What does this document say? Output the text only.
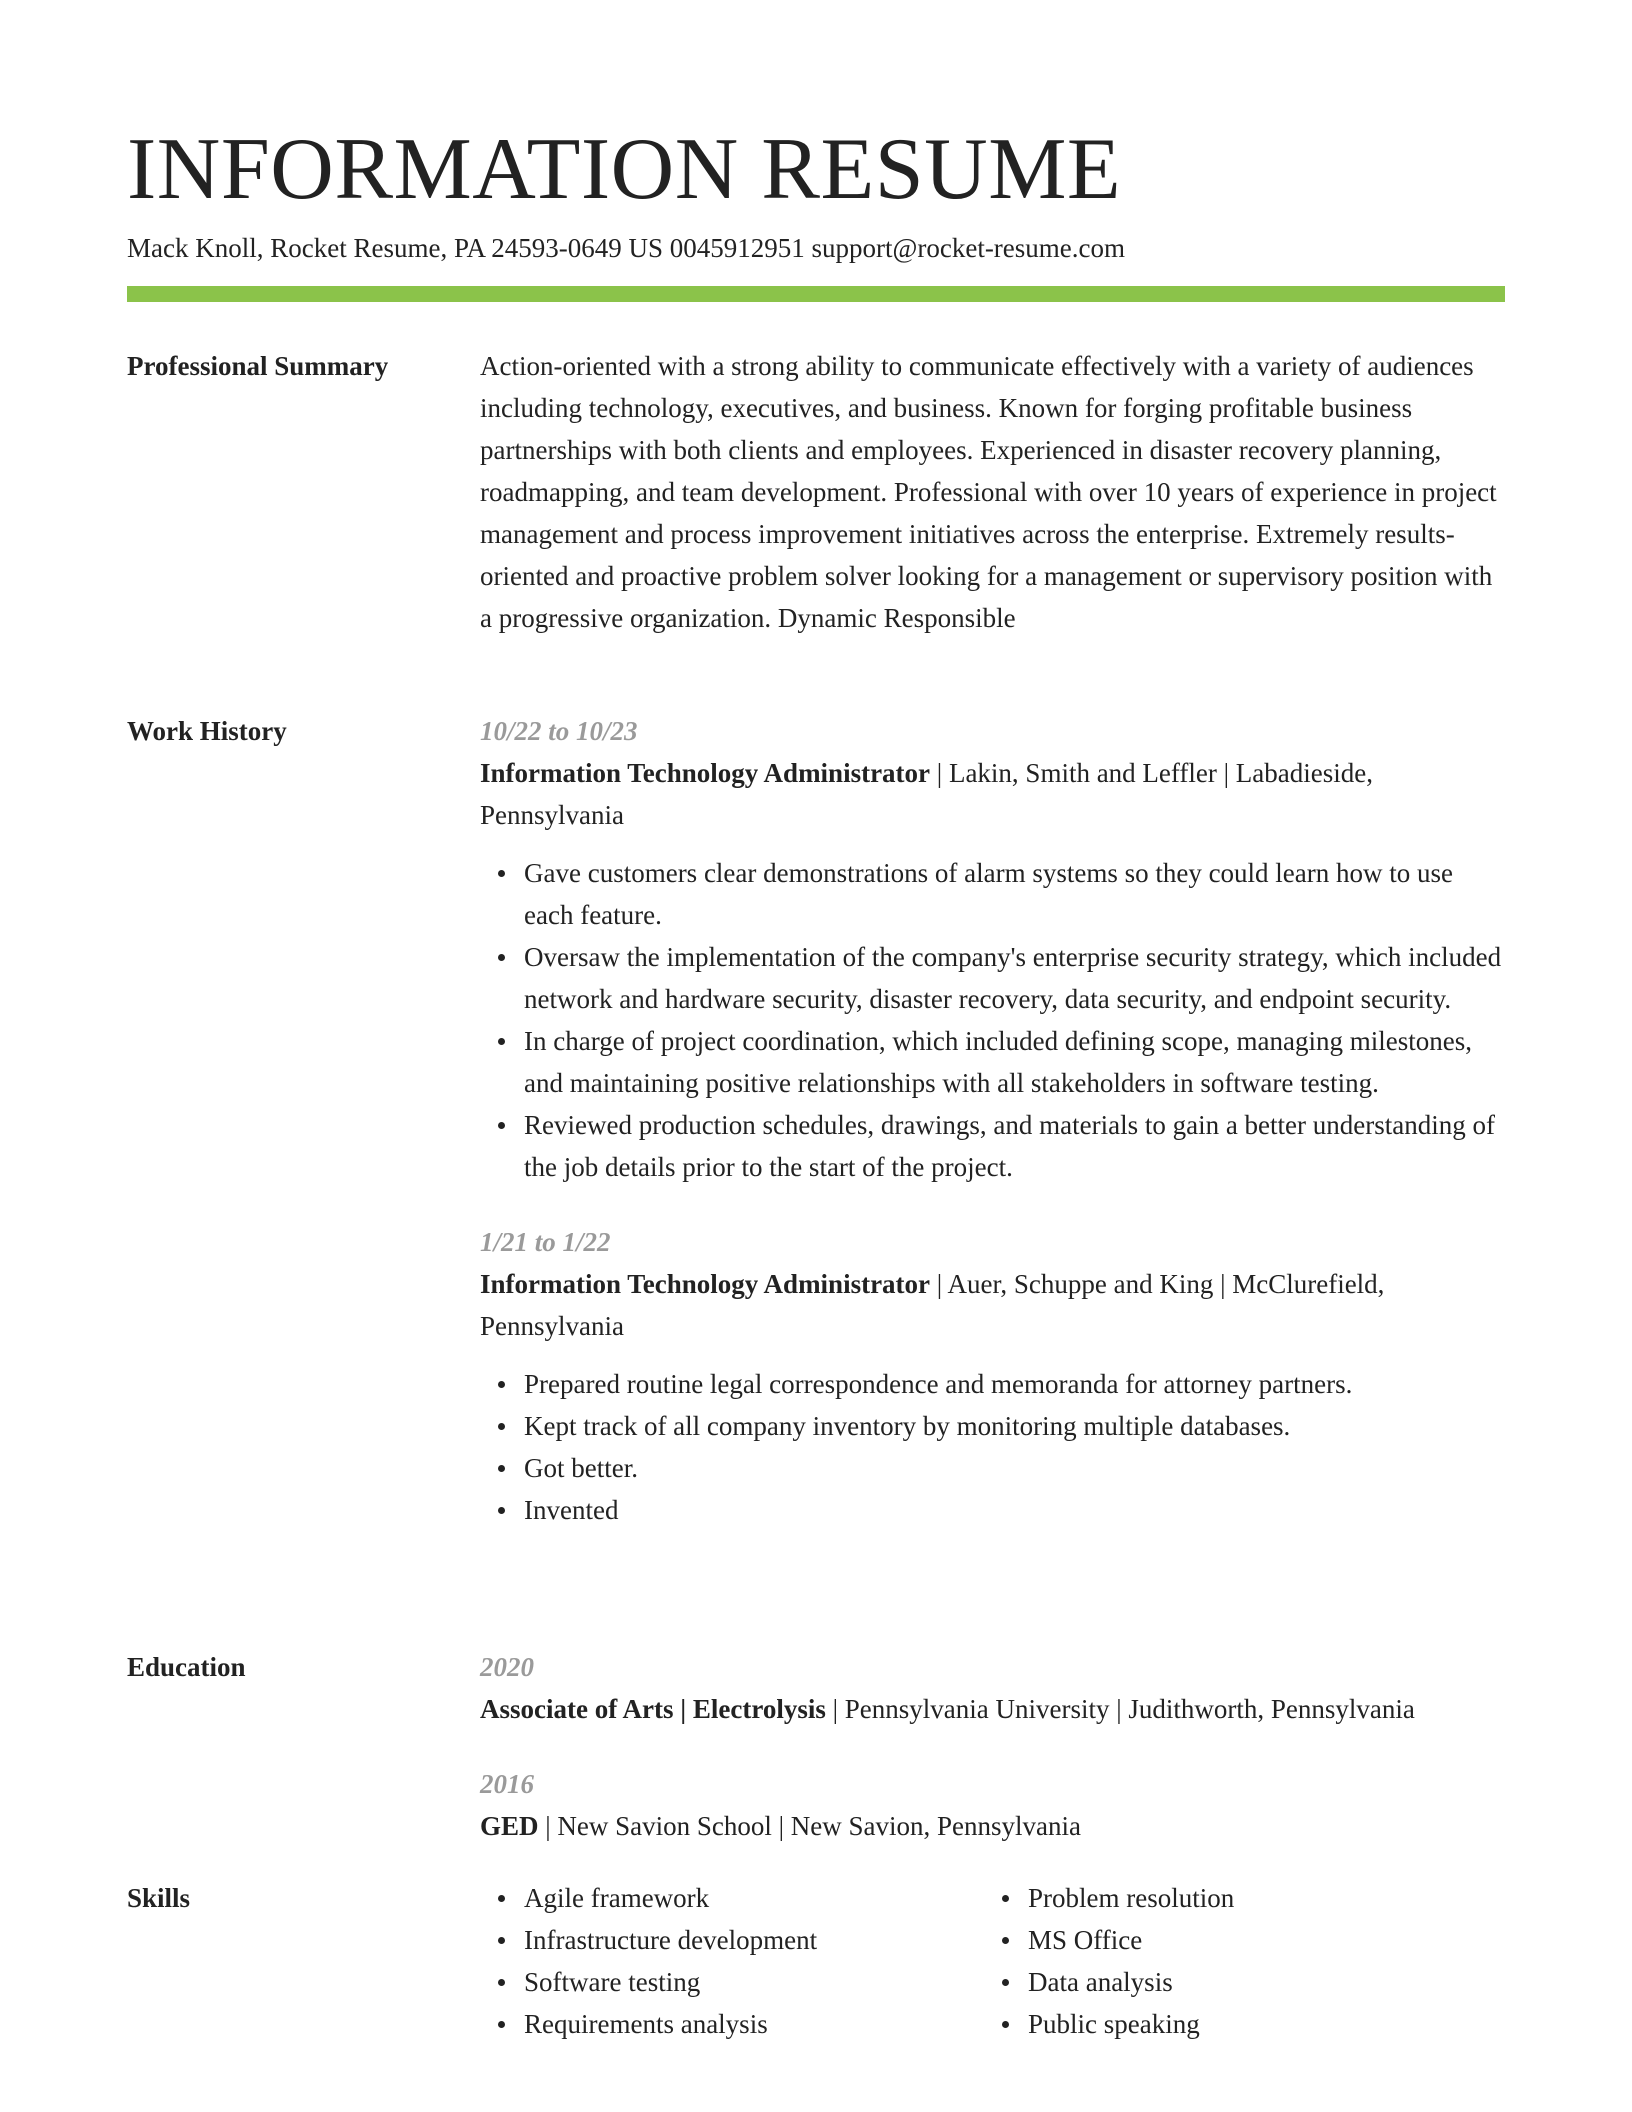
INFORMATION RESUME
Mack Knoll, Rocket Resume, PA 24593-0649 US 0045912951 support@rocket-resume.com
Professional Summary	Action-oriented with a strong ability to communicate effectively with a variety of audiences including technology, executives, and business. Known for forging profitable business partnerships with both clients and employees. Experienced in disaster recovery planning, roadmapping, and team development. Professional with over 10 years of experience in project management and process improvement initiatives across the enterprise. Extremely results-oriented and proactive problem solver looking for a management or supervisory position with a progressive organization. Dynamic Responsible

Work History	10/22 to 10/23
Information Technology Administrator | Lakin, Smith and Leffler | Labadieside, Pennsylvania
Gave customers clear demonstrations of alarm systems so they could learn how to use each feature.
Oversaw the implementation of the company's enterprise security strategy, which included network and hardware security, disaster recovery, data security, and endpoint security.
In charge of project coordination, which included defining scope, managing milestones, and maintaining positive relationships with all stakeholders in software testing.
Reviewed production schedules, drawings, and materials to gain a better understanding of the job details prior to the start of the project.
1/21 to 1/22
Information Technology Administrator | Auer, Schuppe and King | McClurefield, Pennsylvania
Prepared routine legal correspondence and memoranda for attorney partners.
Kept track of all company inventory by monitoring multiple databases.
Got better.
Invented
Education	2020
Associate of Arts | Electrolysis | Pennsylvania University | Judithworth, Pennsylvania
2016
GED | New Savion School | New Savion, Pennsylvania
Skills	Agile framework
Infrastructure development
Software testing
Requirements analysis
Problem resolution
MS Office
Data analysis
Public speaking
